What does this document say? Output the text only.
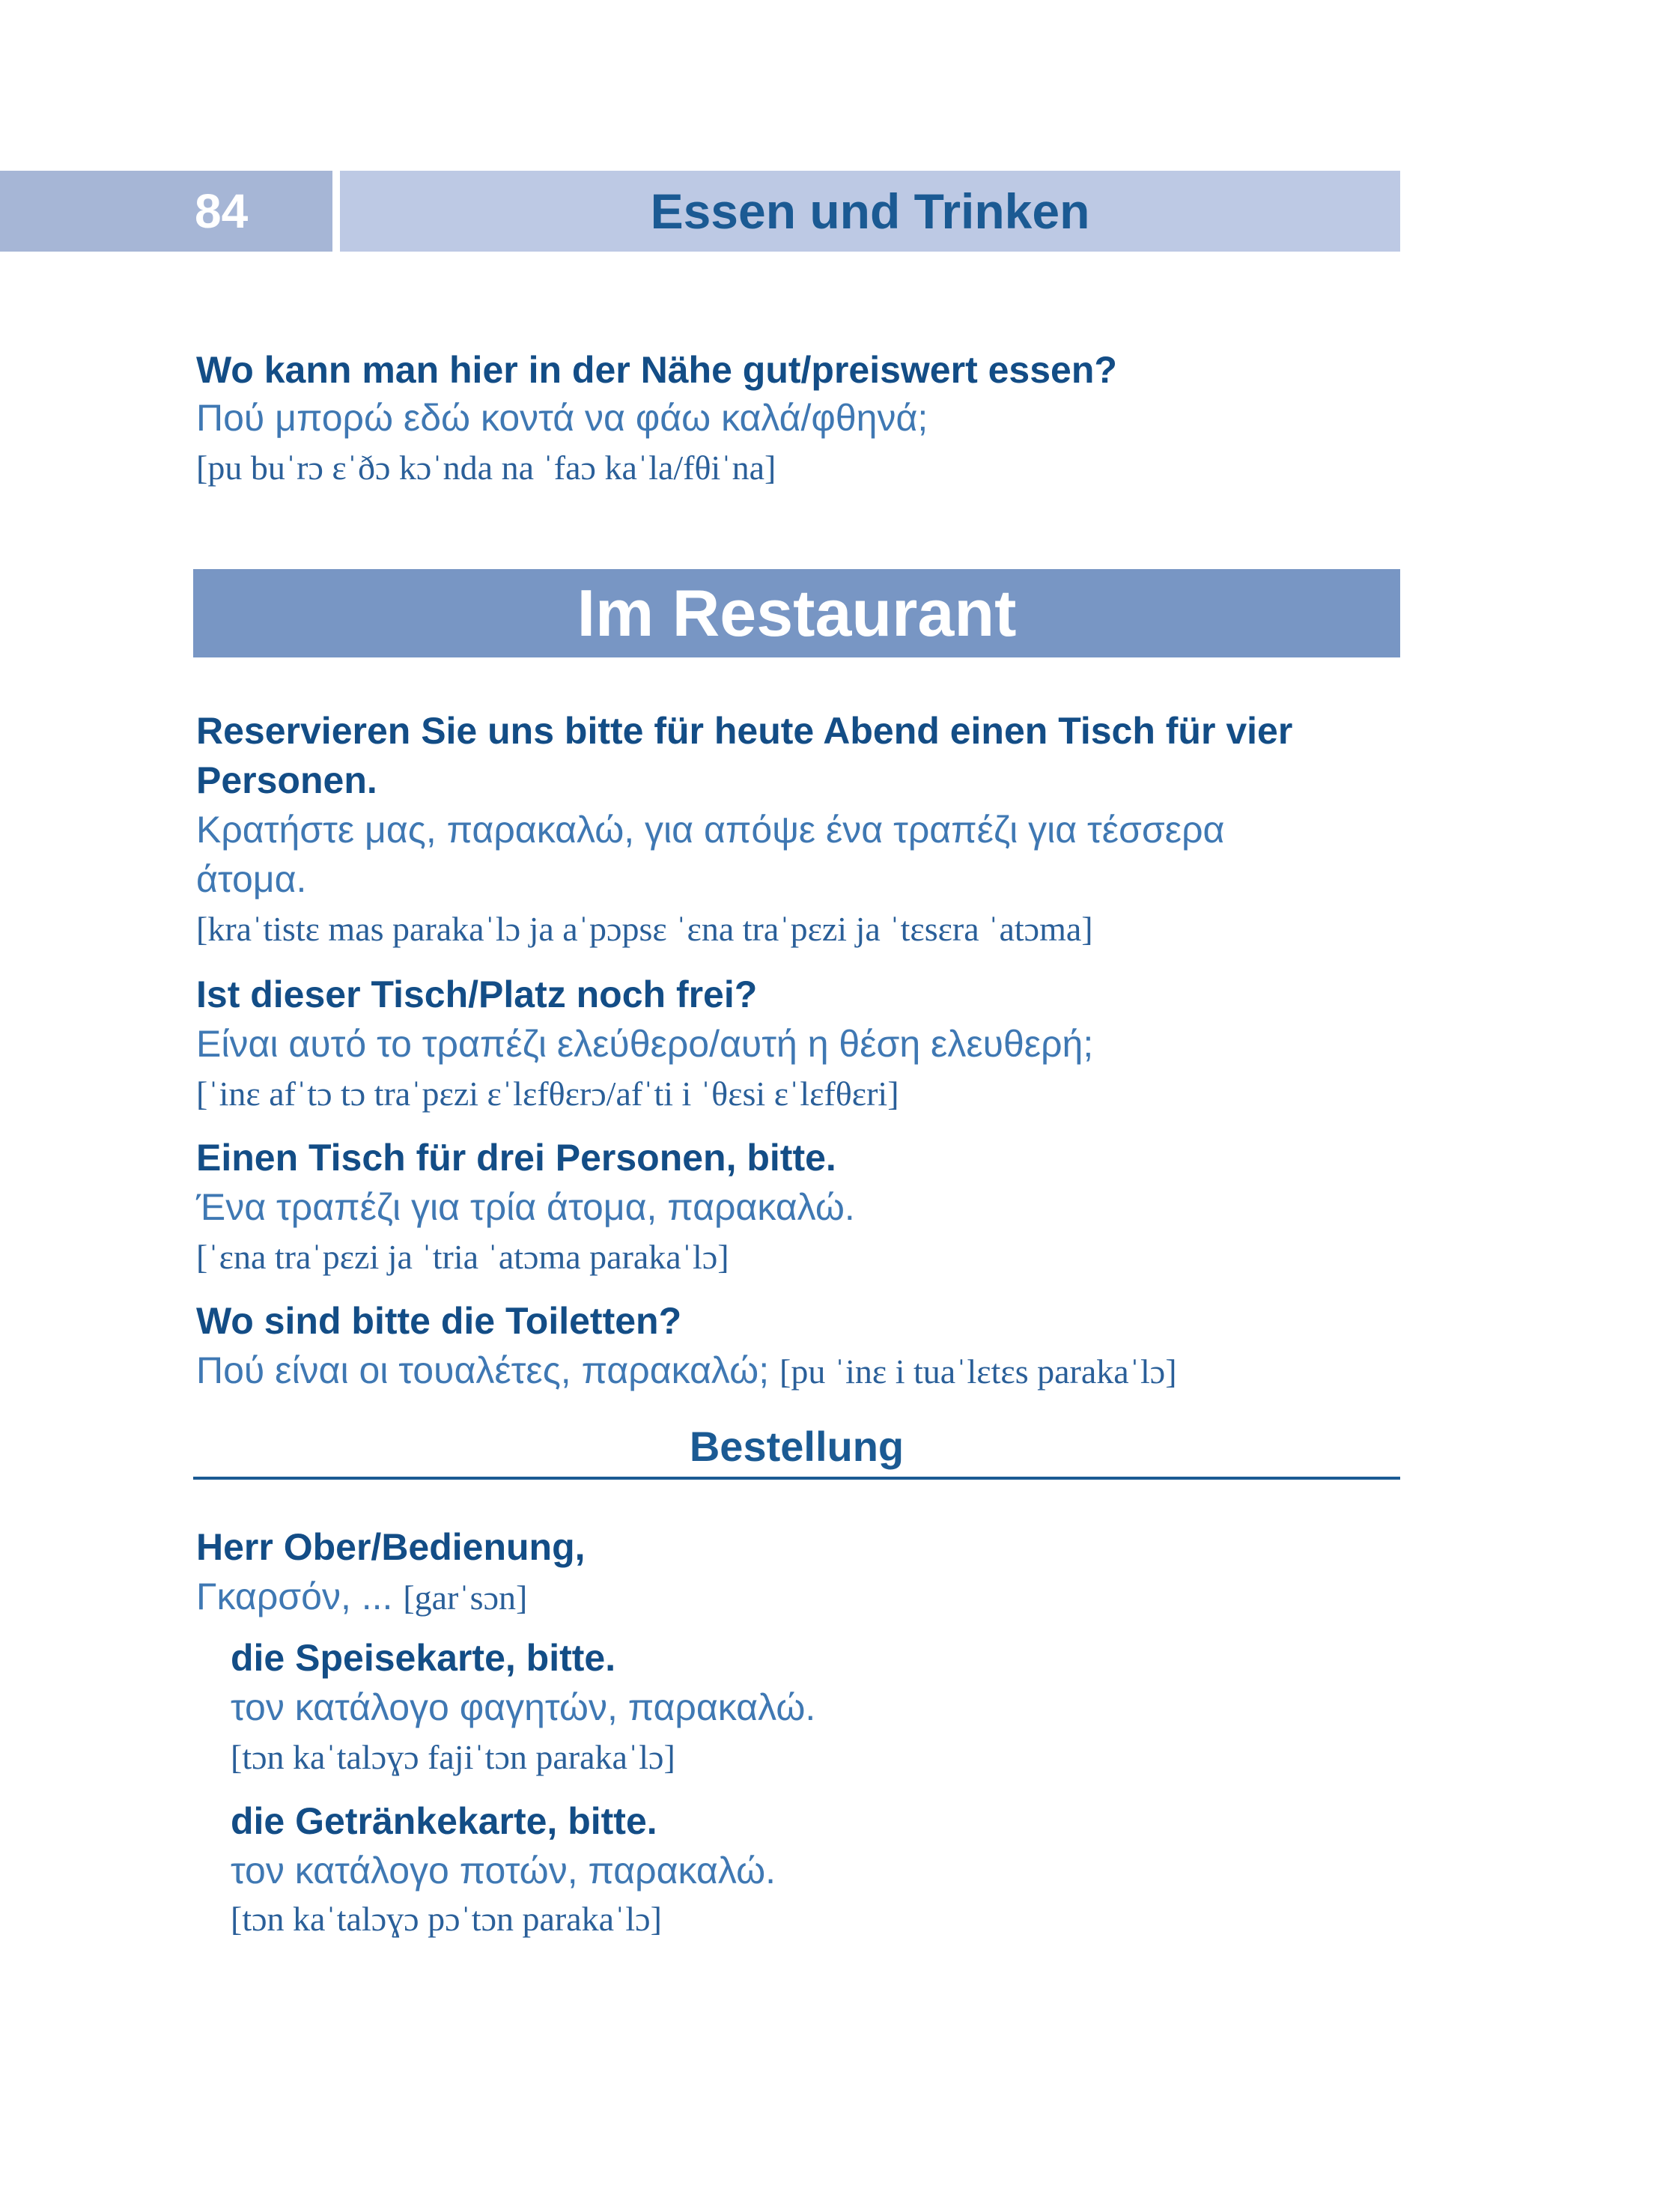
84	Essen und Trinken
Wo kann man hier in der Nähe gut/preiswert essen?
Πού μπορώ εδώ κοντά να φάω καλά/φθηνά;
[pu buˈrɔ ɛˈðɔ kɔˈnda na ˈfaɔ kaˈla/fθiˈna]
Im Restaurant
Reservieren Sie uns bitte für heute Abend einen Tisch für vier
Personen.
Κρατήστε μας, παρακαλώ, για απόψε ένα τραπέζι για τέσσερα
άτομα.
[kraˈtistɛ mas parakaˈlɔ ja aˈpɔpsɛ ˈɛna traˈpɛzi ja ˈtɛsɛra ˈatɔma]
Ist dieser Tisch/Platz noch frei?
Είναι αυτό το τραπέζι ελεύθερο/αυτή η θέση ελευθερή;
[ˈinɛ afˈtɔ tɔ traˈpɛzi ɛˈlɛfθɛrɔ/afˈti i ˈθɛsi ɛˈlɛfθɛri]
Einen Tisch für drei Personen, bitte.
Ένα τραπέζι για τρία άτομα, παρακαλώ.
[ˈɛna traˈpɛzi ja ˈtria ˈatɔma parakaˈlɔ]
Wo sind bitte die Toiletten?
Πού είναι οι τουαλέτες, παρακαλώ; [pu ˈinɛ i tuaˈlɛtɛs parakaˈlɔ]
Bestellung
Herr Ober/Bedienung,
Γκαρσόν, ... [garˈsɔn]
die Speisekarte, bitte.
τον κατάλογο φαγητών, παρακαλώ.
[tɔn kaˈtalɔɣɔ fajiˈtɔn parakaˈlɔ]
die Getränkekarte, bitte.
τον κατάλογο ποτών, παρακαλώ.
[tɔn kaˈtalɔɣɔ pɔˈtɔn parakaˈlɔ]
